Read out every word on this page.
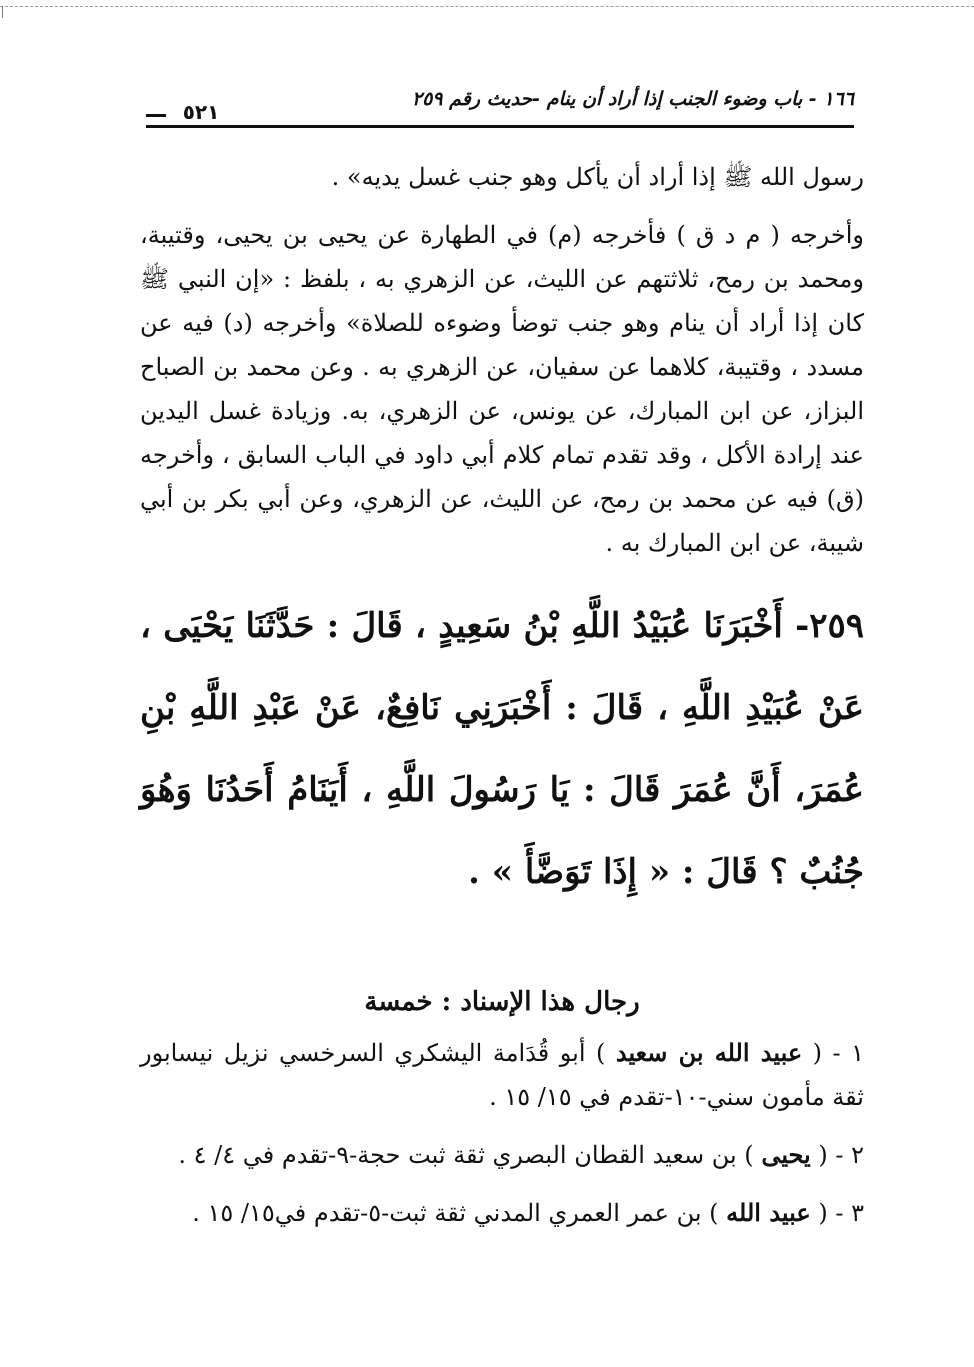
١٦٦ - باب وضوء الجنب إذا أراد أن ينام -حديث رقم ٢٥٩
٥٢١

رسول الله ﷺ إذا أراد أن يأكل وهو جنب غسل يديه» .

وأخرجه ( م د ق ) فأخرجه (م) في الطهارة عن يحيى بن يحيى، وقتيبة، ومحمد بن رمح، ثلاثتهم عن الليث، عن الزهري به ، بلفظ : «إن النبي ﷺ كان إذا أراد أن ينام وهو جنب توضأ وضوءه للصلاة» وأخرجه (د) فيه عن مسدد ، وقتيبة، كلاهما عن سفيان، عن الزهري به . وعن محمد بن الصباح البزاز، عن ابن المبارك، عن يونس، عن الزهري، به. وزيادة غسل اليدين عند إرادة الأكل ، وقد تقدم تمام كلام أبي داود في الباب السابق ، وأخرجه (ق) فيه عن محمد بن رمح، عن الليث، عن الزهري، وعن أبي بكر بن أبي شيبة، عن ابن المبارك به .

٢٥٩- أَخْبَرَنَا عُبَيْدُ اللَّهِ بْنُ سَعِيدٍ ، قَالَ : حَدَّثَنَا يَحْيَى ، عَنْ عُبَيْدِ اللَّهِ ، قَالَ : أَخْبَرَنِي نَافِعٌ، عَنْ عَبْدِ اللَّهِ بْنِ عُمَرَ، أَنَّ عُمَرَ قَالَ : يَا رَسُولَ اللَّهِ ، أَيَنَامُ أَحَدُنَا وَهُوَ جُنُبٌ ؟ قَالَ : « إِذَا تَوَضَّأَ » .

رجال هذا الإسناد : خمسة

١ - ( عبيد الله بن سعيد ) أبو قُدَامة اليشكري السرخسي نزيل نيسابور ثقة مأمون سني-١٠-تقدم في ١٥/ ١٥ .

٢ - ( يحيى ) بن سعيد القطان البصري ثقة ثبت حجة-٩-تقدم في ٤/ ٤ .

٣ - ( عبيد الله ) بن عمر العمري المدني ثقة ثبت-٥-تقدم في١٥/ ١٥ .
